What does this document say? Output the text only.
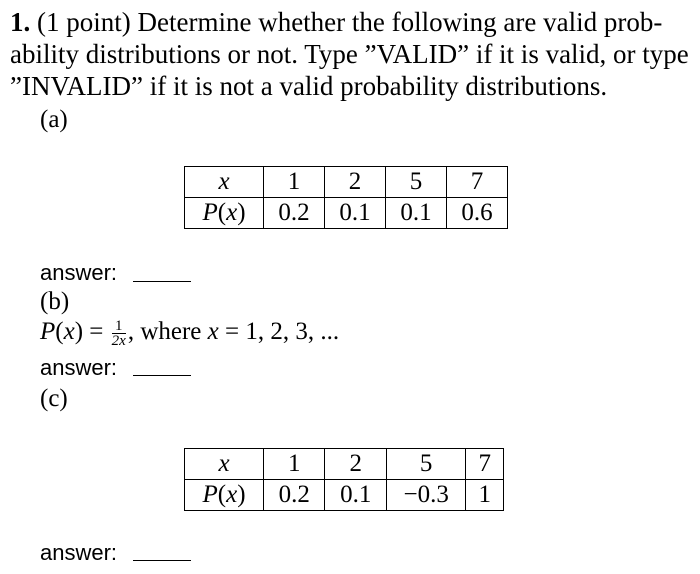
1. (1 point) Determine whether the following are valid prob-
ability distributions or not. Type ”VALID” if it is valid, or type
”INVALID” if it is not a valid probability distributions.
(a)
x	1	2	5	7
P(x)	0.2	0.1	0.1	0.6
answer:
(b)
$P(x) = \frac{1}{2x}$ , where x = 1, 2, 3, ...
answer:
(c)
x	1	2	5	7
P(x)	0.2	0.1	−0.3	1
answer:
